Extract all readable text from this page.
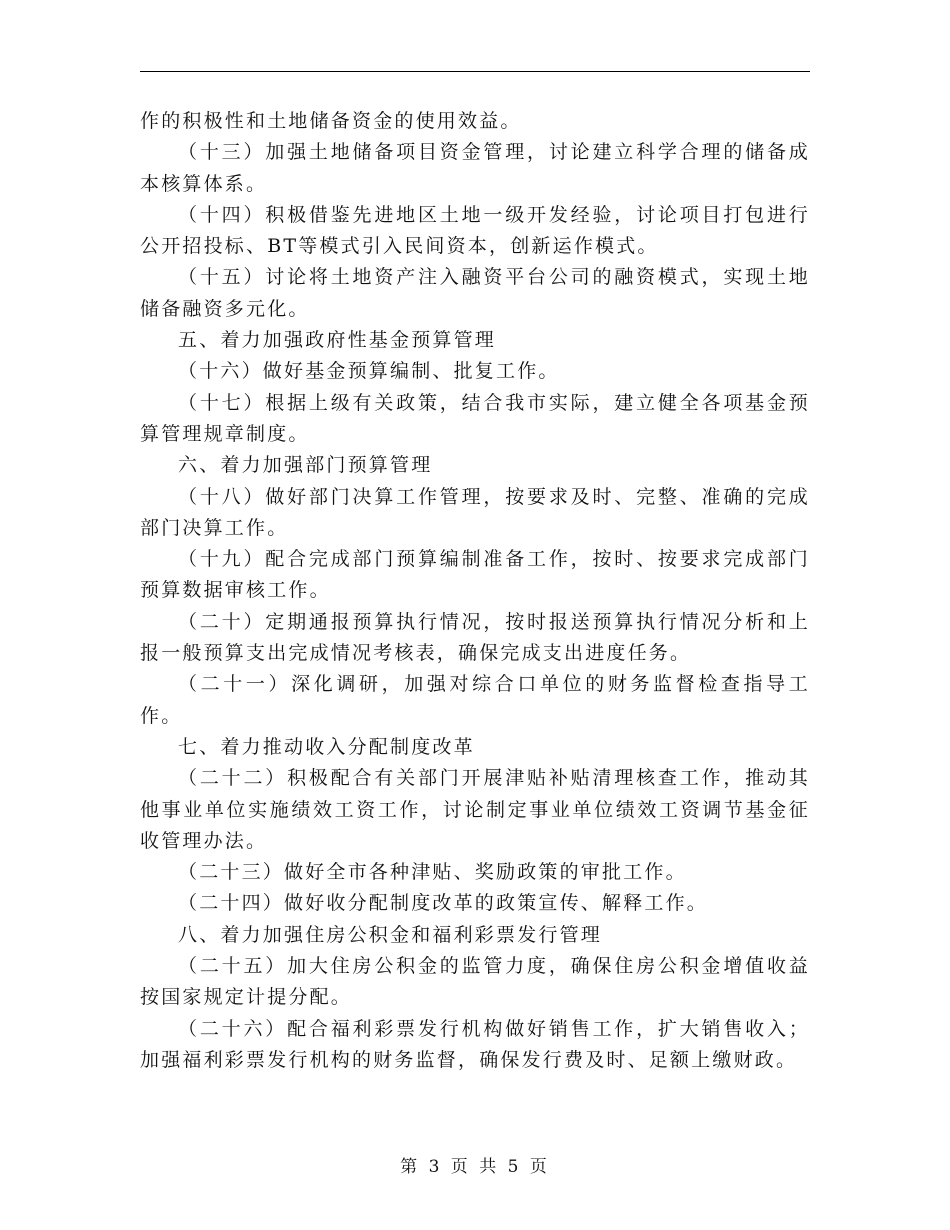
作的积极性和土地储备资金的使用效益。

（十三）加强土地储备项目资金管理，讨论建立科学合理的储备成本核算体系。

（十四）积极借鉴先进地区土地一级开发经验，讨论项目打包进行公开招投标、BT等模式引入民间资本，创新运作模式。

（十五）讨论将土地资产注入融资平台公司的融资模式，实现土地储备融资多元化。

五、着力加强政府性基金预算管理

（十六）做好基金预算编制、批复工作。

（十七）根据上级有关政策，结合我市实际，建立健全各项基金预算管理规章制度。

六、着力加强部门预算管理

（十八）做好部门决算工作管理，按要求及时、完整、准确的完成部门决算工作。

（十九）配合完成部门预算编制准备工作，按时、按要求完成部门预算数据审核工作。

（二十）定期通报预算执行情况，按时报送预算执行情况分析和上报一般预算支出完成情况考核表，确保完成支出进度任务。

（二十一）深化调研，加强对综合口单位的财务监督检查指导工作。

七、着力推动收入分配制度改革

（二十二）积极配合有关部门开展津贴补贴清理核查工作，推动其他事业单位实施绩效工资工作，讨论制定事业单位绩效工资调节基金征收管理办法。

（二十三）做好全市各种津贴、奖励政策的审批工作。

（二十四）做好收分配制度改革的政策宣传、解释工作。

八、着力加强住房公积金和福利彩票发行管理

（二十五）加大住房公积金的监管力度，确保住房公积金增值收益按国家规定计提分配。

（二十六）配合福利彩票发行机构做好销售工作，扩大销售收入；加强福利彩票发行机构的财务监督，确保发行费及时、足额上缴财政。

第 3 页 共 5 页
